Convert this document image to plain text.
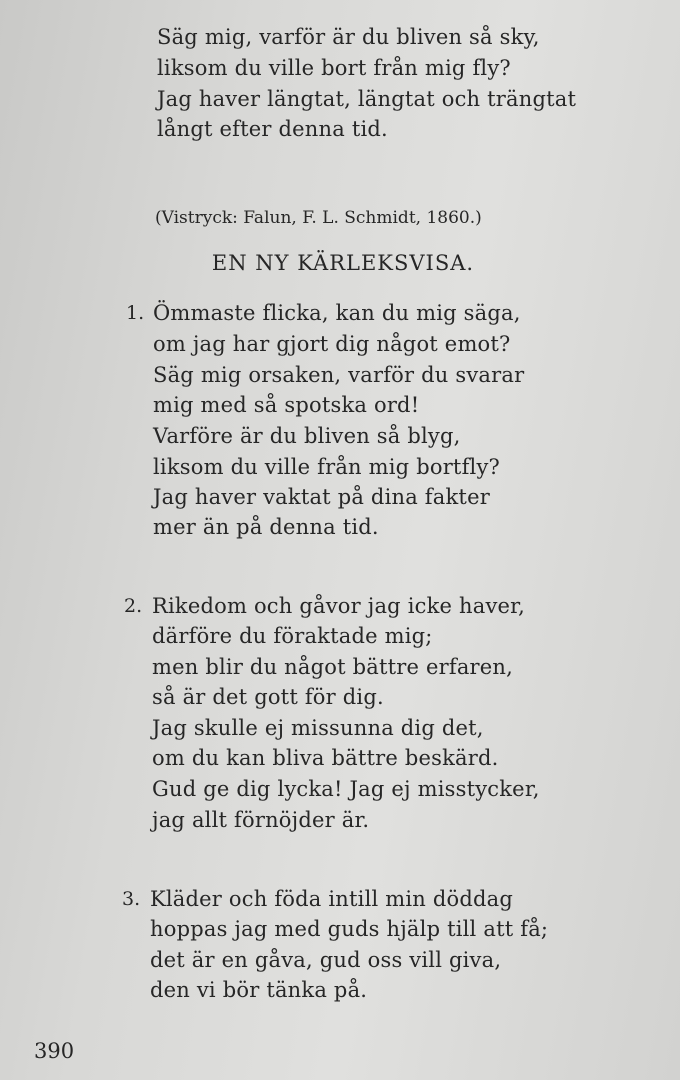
Säg mig, varför är du bliven så sky,
liksom du ville bort från mig fly?
Jag haver längtat, längtat och trängtat
långt efter denna tid.
(Vistryck: Falun, F. L. Schmidt, 1860.)
EN NY KÄRLEKSVISA.
1. Ömmaste flicka, kan du mig säga,
om jag har gjort dig något emot?
Säg mig orsaken, varför du svarar
mig med så spotska ord!
Varföre är du bliven så blyg,
liksom du ville från mig bortfly?
Jag haver vaktat på dina fakter
mer än på denna tid.
2. Rikedom och gåvor jag icke haver,
därföre du föraktade mig;
men blir du något bättre erfaren,
så är det gott för dig.
Jag skulle ej missunna dig det,
om du kan bliva bättre beskärd.
Gud ge dig lycka! Jag ej misstycker,
jag allt förnöjder är.
3. Kläder och föda intill min döddag
hoppas jag med guds hjälp till att få;
det är en gåva, gud oss vill giva,
den vi bör tänka på.
390
